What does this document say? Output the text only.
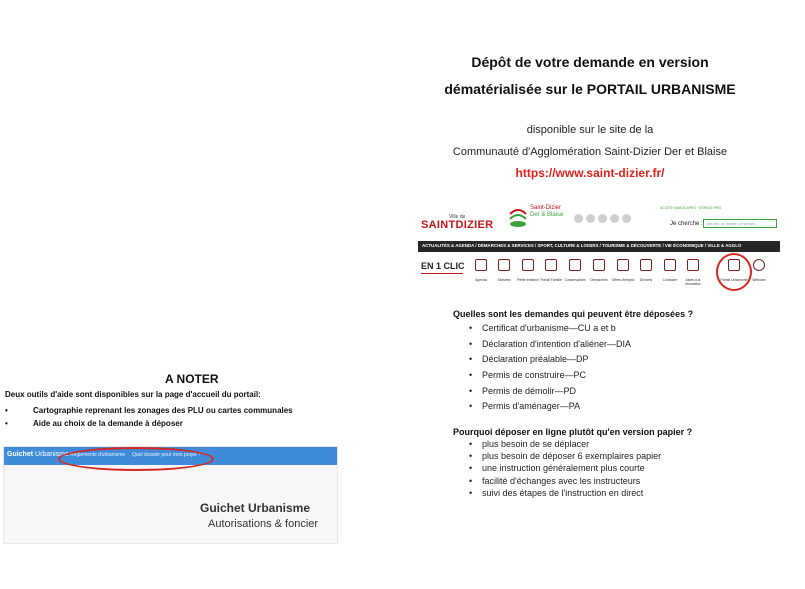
A NOTER
Deux outils d'aide sont disponibles sur la page d'accueil du portail:
• Cartographie reprenant les zonages des PLU ou cartes communales
• Aide au choix de la demande à déposer
Guichet Urbanisme Règlements d'urbanisme Quel dossier pour mon projet ?
Guichet Urbanisme
Autorisations & foncier
Dépôt de votre demande en version
dématérialisée sur le PORTAIL URBANISME
disponible sur le site de la
Communauté d'Agglomération Saint-Dizier Der et Blaise
https://www.saint-dizier.fr/
Ville de
SAINTDIZIER
Saint-Dizier
Der & Blaise
ACCÈS HANDICAPÉS · ESPACE PRO
Je cherche : Une info, un horaire, un service...
ACTUALITÉS & AGENDA / DÉMARCHES & SERVICES / SPORT, CULTURE & LOISIRS / TOURISME & DÉCOUVERTE / VIE ÉCONOMIQUE / VILLE & AGGLO
EN 1 CLIC
Agenda	Sinistres	Petite enfance Portail Famille Conservatoire	Démarches	Offres d'emploi	Déchets	Contacter	Aides à la rénovation
Portail Urbanisme	Webcam
Quelles sont les demandes qui peuvent être déposées ?
• Certificat d'urbanisme—CU a et b
• Déclaration d'intention d'aliéner—DIA
• Déclaration préalable—DP
• Permis de construire—PC
• Permis de démolir—PD
• Permis d'aménager—PA
Pourquoi déposer en ligne plutôt qu'en version papier ?
• plus besoin de se déplacer
• plus besoin de déposer 6 exemplaires papier
• une instruction généralement plus courte
• facilité d'échanges avec les instructeurs
• suivi des étapes de l'instruction en direct
